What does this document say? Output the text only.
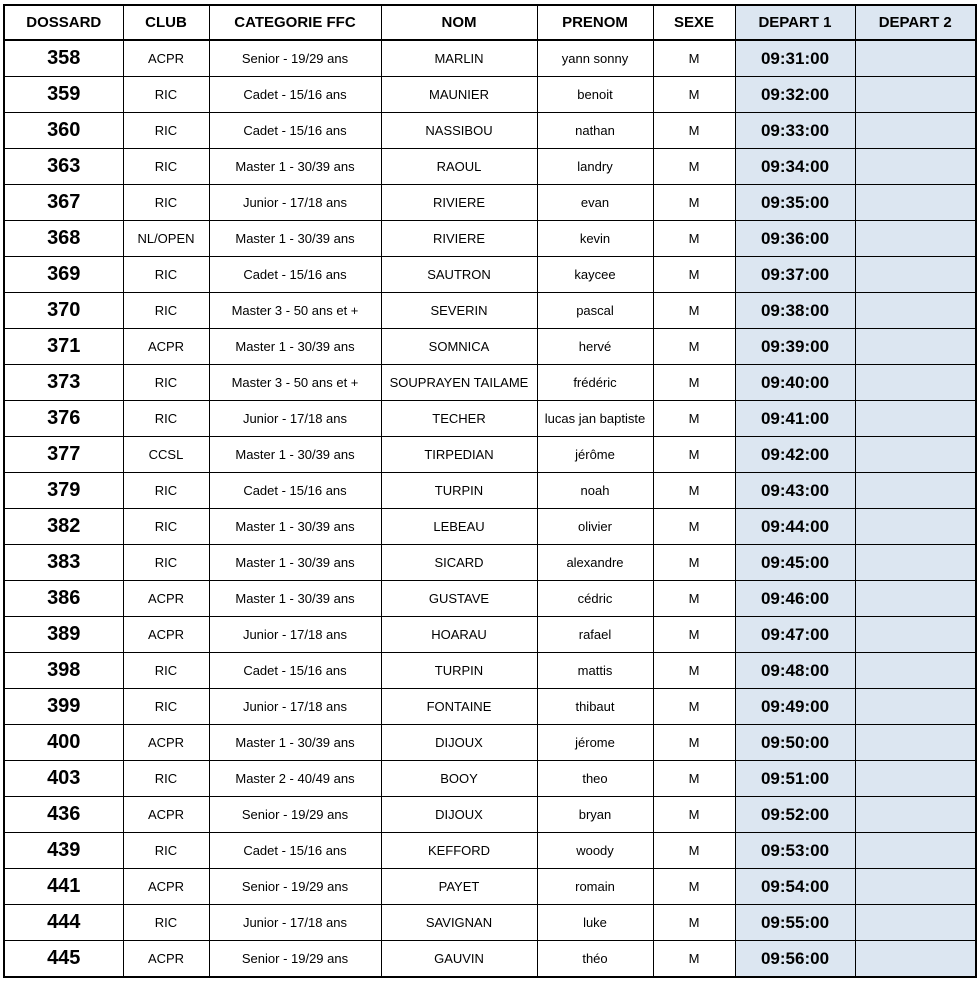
DOSSARD	CLUB	CATEGORIE FFC	NOM	PRENOM	SEXE	DEPART 1	DEPART 2
358	ACPR	Senior - 19/29 ans	MARLIN	yann sonny	M	09:31:00	
359	RIC	Cadet - 15/16 ans	MAUNIER	benoit	M	09:32:00	
360	RIC	Cadet - 15/16 ans	NASSIBOU	nathan	M	09:33:00	
363	RIC	Master 1 - 30/39 ans	RAOUL	landry	M	09:34:00	
367	RIC	Junior - 17/18 ans	RIVIERE	evan	M	09:35:00	
368	NL/OPEN	Master 1 - 30/39 ans	RIVIERE	kevin	M	09:36:00	
369	RIC	Cadet - 15/16 ans	SAUTRON	kaycee	M	09:37:00	
370	RIC	Master 3 - 50 ans et +	SEVERIN	pascal	M	09:38:00	
371	ACPR	Master 1 - 30/39 ans	SOMNICA	hervé	M	09:39:00	
373	RIC	Master 3 - 50 ans et +	SOUPRAYEN TAILAME	frédéric	M	09:40:00	
376	RIC	Junior - 17/18 ans	TECHER	lucas jan baptiste	M	09:41:00	
377	CCSL	Master 1 - 30/39 ans	TIRPEDIAN	jérôme	M	09:42:00	
379	RIC	Cadet - 15/16 ans	TURPIN	noah	M	09:43:00	
382	RIC	Master 1 - 30/39 ans	LEBEAU	olivier	M	09:44:00	
383	RIC	Master 1 - 30/39 ans	SICARD	alexandre	M	09:45:00	
386	ACPR	Master 1 - 30/39 ans	GUSTAVE	cédric	M	09:46:00	
389	ACPR	Junior - 17/18 ans	HOARAU	rafael	M	09:47:00	
398	RIC	Cadet - 15/16 ans	TURPIN	mattis	M	09:48:00	
399	RIC	Junior - 17/18 ans	FONTAINE	thibaut	M	09:49:00	
400	ACPR	Master 1 - 30/39 ans	DIJOUX	jérome	M	09:50:00	
403	RIC	Master 2 - 40/49 ans	BOOY	theo	M	09:51:00	
436	ACPR	Senior - 19/29 ans	DIJOUX	bryan	M	09:52:00	
439	RIC	Cadet - 15/16 ans	KEFFORD	woody	M	09:53:00	
441	ACPR	Senior - 19/29 ans	PAYET	romain	M	09:54:00	
444	RIC	Junior - 17/18 ans	SAVIGNAN	luke	M	09:55:00	
445	ACPR	Senior - 19/29 ans	GAUVIN	théo	M	09:56:00	
